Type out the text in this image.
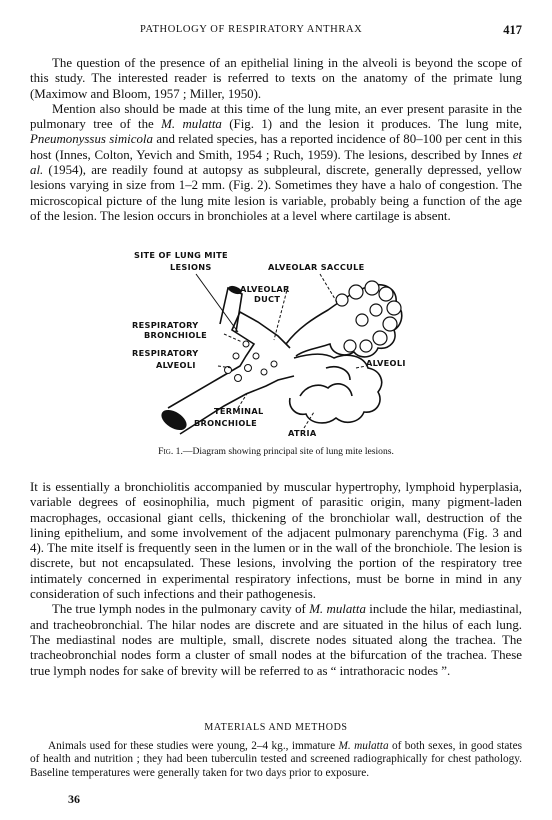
PATHOLOGY OF RESPIRATORY ANTHRAX	417

The question of the presence of an epithelial lining in the alveoli is beyond the scope of this study. The interested reader is referred to texts on the anatomy of the primate lung (Maximow and Bloom, 1957 ; Miller, 1950).

Mention also should be made at this time of the lung mite, an ever present parasite in the pulmonary tree of the M. mulatta (Fig. 1) and the lesion it produces. The lung mite, Pneumonyssus simicola and related species, has a reported incidence of 80–100 per cent in this host (Innes, Colton, Yevich and Smith, 1954 ; Ruch, 1959). The lesions, described by Innes et al. (1954), are readily found at autopsy as subpleural, discrete, generally depressed, yellow lesions varying in size from 1–2 mm. (Fig. 2). Sometimes they have a halo of congestion. The microscopical picture of the lung mite lesion is variable, probably being a function of the age of the lesion. The lesion occurs in bronchioles at a level where cartilage is absent.

SITE OF LUNG MITE
LESIONS	ALVEOLAR SACCULE
ALVEOLAR
DUCT
RESPIRATORY
BRONCHIOLE
RESPIRATORY
ALVEOLI	ALVEOLI
TERMINAL
BRONCHIOLE
ATRIA
Fig. 1.—Diagram showing principal site of lung mite lesions.

It is essentially a bronchiolitis accompanied by muscular hypertrophy, lymphoid hyperplasia, variable degrees of eosinophilia, much pigment of parasitic origin, many pigment-laden macrophages, occasional giant cells, thickening of the bronchiolar wall, destruction of the lining epithelium, and some involvement of the adjacent pulmonary parenchyma (Fig. 3 and 4). The mite itself is frequently seen in the lumen or in the wall of the bronchiole. The lesion is discrete, but not encapsulated. These lesions, involving the portion of the respiratory tree intimately concerned in experimental respiratory infections, must be borne in mind in any consideration of such infections and their pathogenesis.

The true lymph nodes in the pulmonary cavity of M. mulatta include the hilar, mediastinal, and tracheobronchial. The hilar nodes are discrete and are situated in the hilus of each lung. The mediastinal nodes are multiple, small, discrete nodes situated along the trachea. The tracheobronchial nodes form a cluster of small nodes at the bifurcation of the trachea. These true lymph nodes for sake of brevity will be referred to as “ intrathoracic nodes ”.

MATERIALS AND METHODS

Animals used for these studies were young, 2–4 kg., immature M. mulatta of both sexes, in good states of health and nutrition ; they had been tuberculin tested and screened radiographically for chest pathology. Baseline temperatures were generally taken for two days prior to exposure.

36
